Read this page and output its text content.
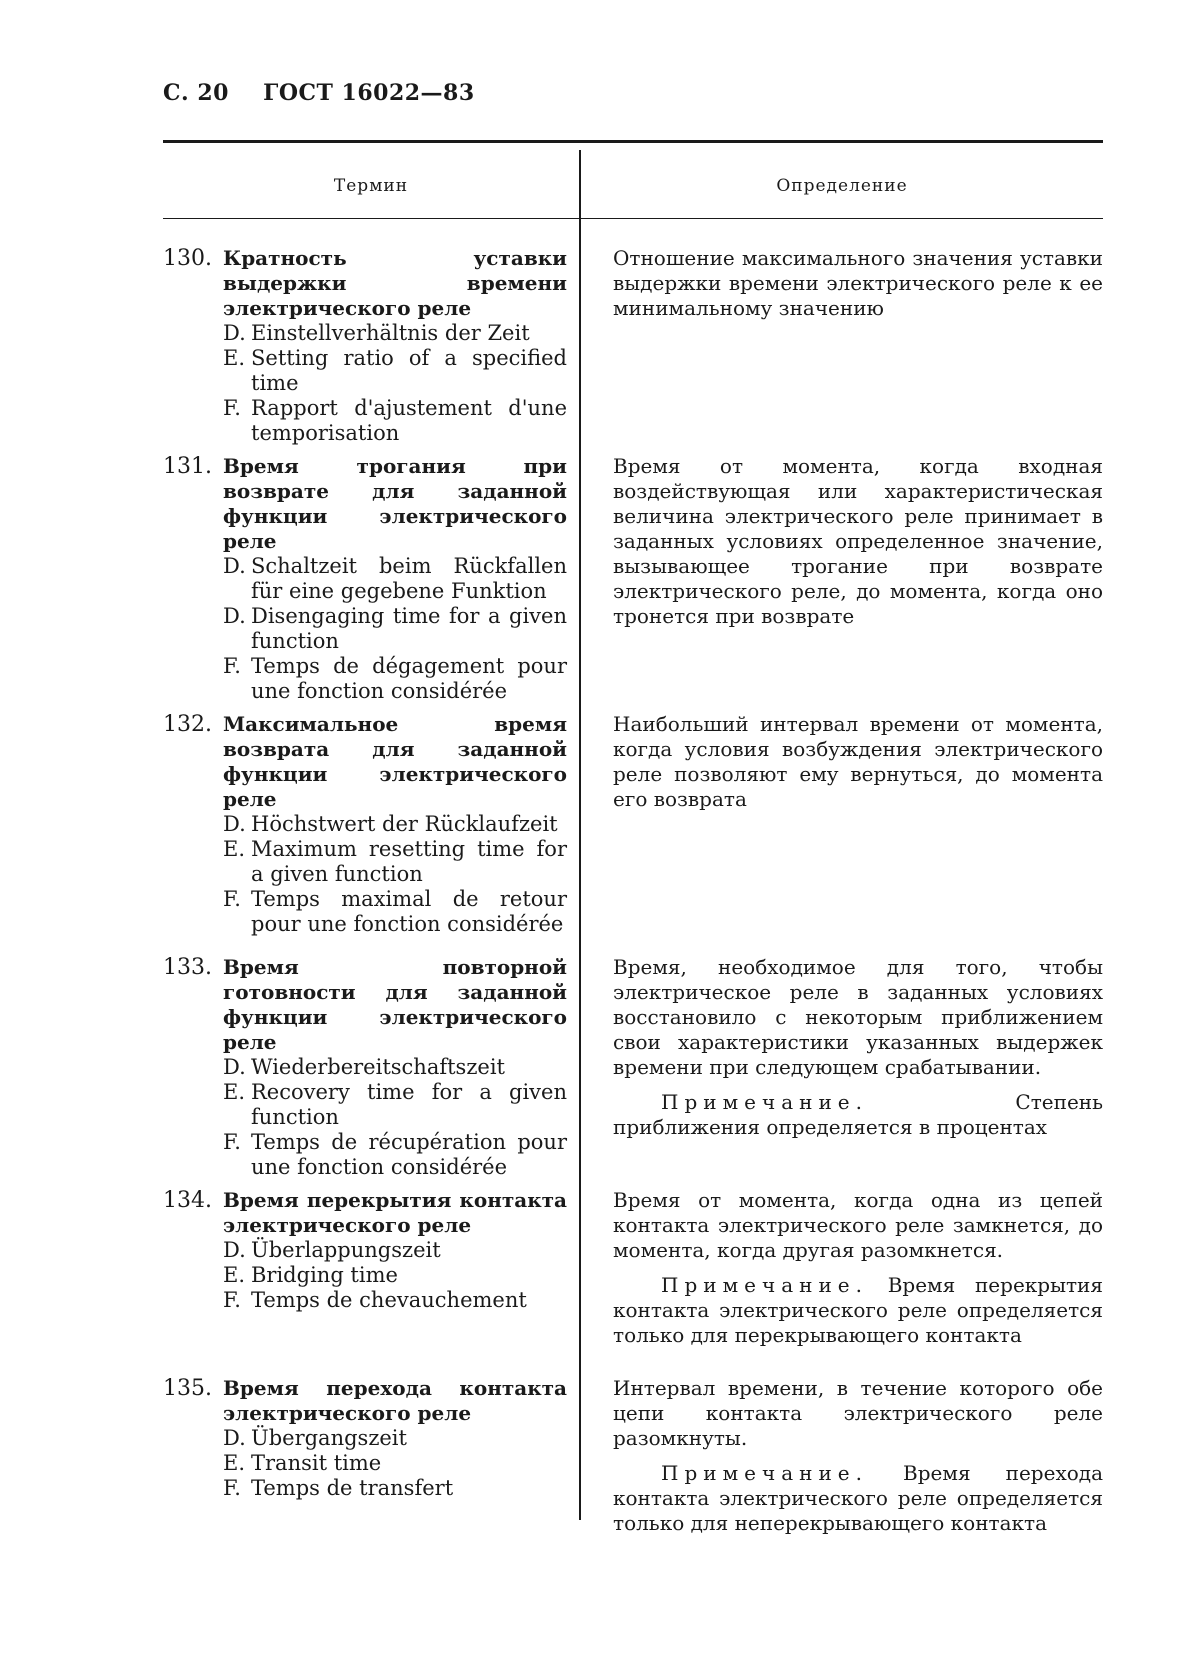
С. 20 ГОСТ 16022—83
Термин	Определение
130. Кратность уставки выдержки времени электрического реле
D. Einstellverhältnis der Zeit
E. Setting ratio of a specified time
F. Rapport d'ajustement d'une temporisation

Отношение максимального значения уставки выдержки времени электрического реле к ее минимальному значению

131. Время трогания при возврате для заданной функции электрического реле
D. Schaltzeit beim Rückfallen für eine gegebene Funktion
D. Disengaging time for a given function
F. Temps de dégagement pour une fonction considérée

Время от момента, когда входная воздействующая или характеристическая величина электрического реле принимает в заданных условиях определенное значение, вызывающее трогание при возврате электрического реле, до момента, когда оно тронется при возврате

132. Максимальное время возврата для заданной функции электрического реле
D. Höchstwert der Rücklaufzeit
E. Maximum resetting time for a given function
F. Temps maximal de retour pour une fonction considérée

Наибольший интервал времени от момента, когда условия возбуждения электрического реле позволяют ему вернуться, до момента его возврата

133. Время повторной готовности для заданной функции электрического реле
D. Wiederbereitschaftszeit
E. Recovery time for a given function
F. Temps de récupération pour une fonction considérée

Время, необходимое для того, чтобы электрическое реле в заданных условиях восстановило с некоторым приближением свои характеристики указанных выдержек времени при следующем срабатывании.

Примечание.	Степень приближения определяется в процентах

134. Время перекрытия контакта электрического реле
D. Überlappungszeit
E. Bridging time
F. Temps de chevauchement

Время от момента, когда одна из цепей контакта электрического реле замкнется, до момента, когда другая разомкнется.

Примечание. Время перекрытия контакта электрического реле определяется только для перекрывающего контакта

135. Время перехода контакта электрического реле
D. Übergangszeit
E. Transit time
F. Temps de transfert

Интервал времени, в течение которого обе цепи контакта электрического реле разомкнуты.

Примечание. Время перехода контакта электрического реле определяется только для неперекрывающего контакта
